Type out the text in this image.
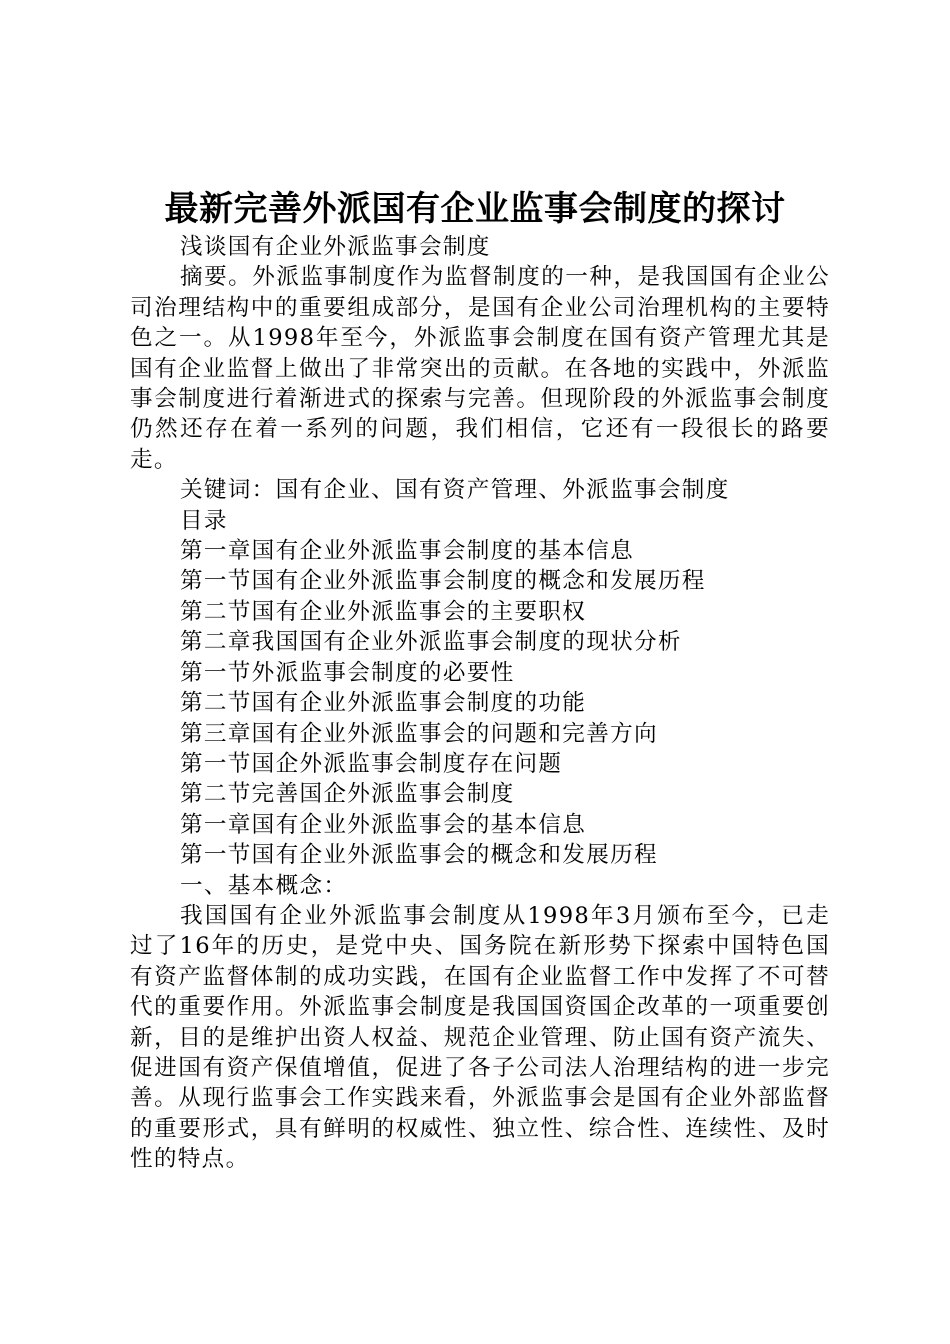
最新完善外派国有企业监事会制度的探讨

浅谈国有企业外派监事会制度

摘要。外派监事制度作为监督制度的一种，是我国国有企业公司治理结构中的重要组成部分，是国有企业公司治理机构的主要特色之一。从1998年至今，外派监事会制度在国有资产管理尤其是国有企业监督上做出了非常突出的贡献。在各地的实践中，外派监事会制度进行着渐进式的探索与完善。但现阶段的外派监事会制度仍然还存在着一系列的问题，我们相信，它还有一段很长的路要走。

关键词：国有企业、国有资产管理、外派监事会制度

目录

第一章国有企业外派监事会制度的基本信息

第一节国有企业外派监事会制度的概念和发展历程

第二节国有企业外派监事会的主要职权

第二章我国国有企业外派监事会制度的现状分析

第一节外派监事会制度的必要性

第二节国有企业外派监事会制度的功能

第三章国有企业外派监事会的问题和完善方向

第一节国企外派监事会制度存在问题

第二节完善国企外派监事会制度

第一章国有企业外派监事会的基本信息

第一节国有企业外派监事会的概念和发展历程

一、基本概念：

我国国有企业外派监事会制度从1998年3月颁布至今，已走过了16年的历史，是党中央、国务院在新形势下探索中国特色国有资产监督体制的成功实践，在国有企业监督工作中发挥了不可替代的重要作用。外派监事会制度是我国国资国企改革的一项重要创新，目的是维护出资人权益、规范企业管理、防止国有资产流失、促进国有资产保值增值，促进了各子公司法人治理结构的进一步完善。从现行监事会工作实践来看，外派监事会是国有企业外部监督的重要形式，具有鲜明的权威性、独立性、综合性、连续性、及时性的特点。
